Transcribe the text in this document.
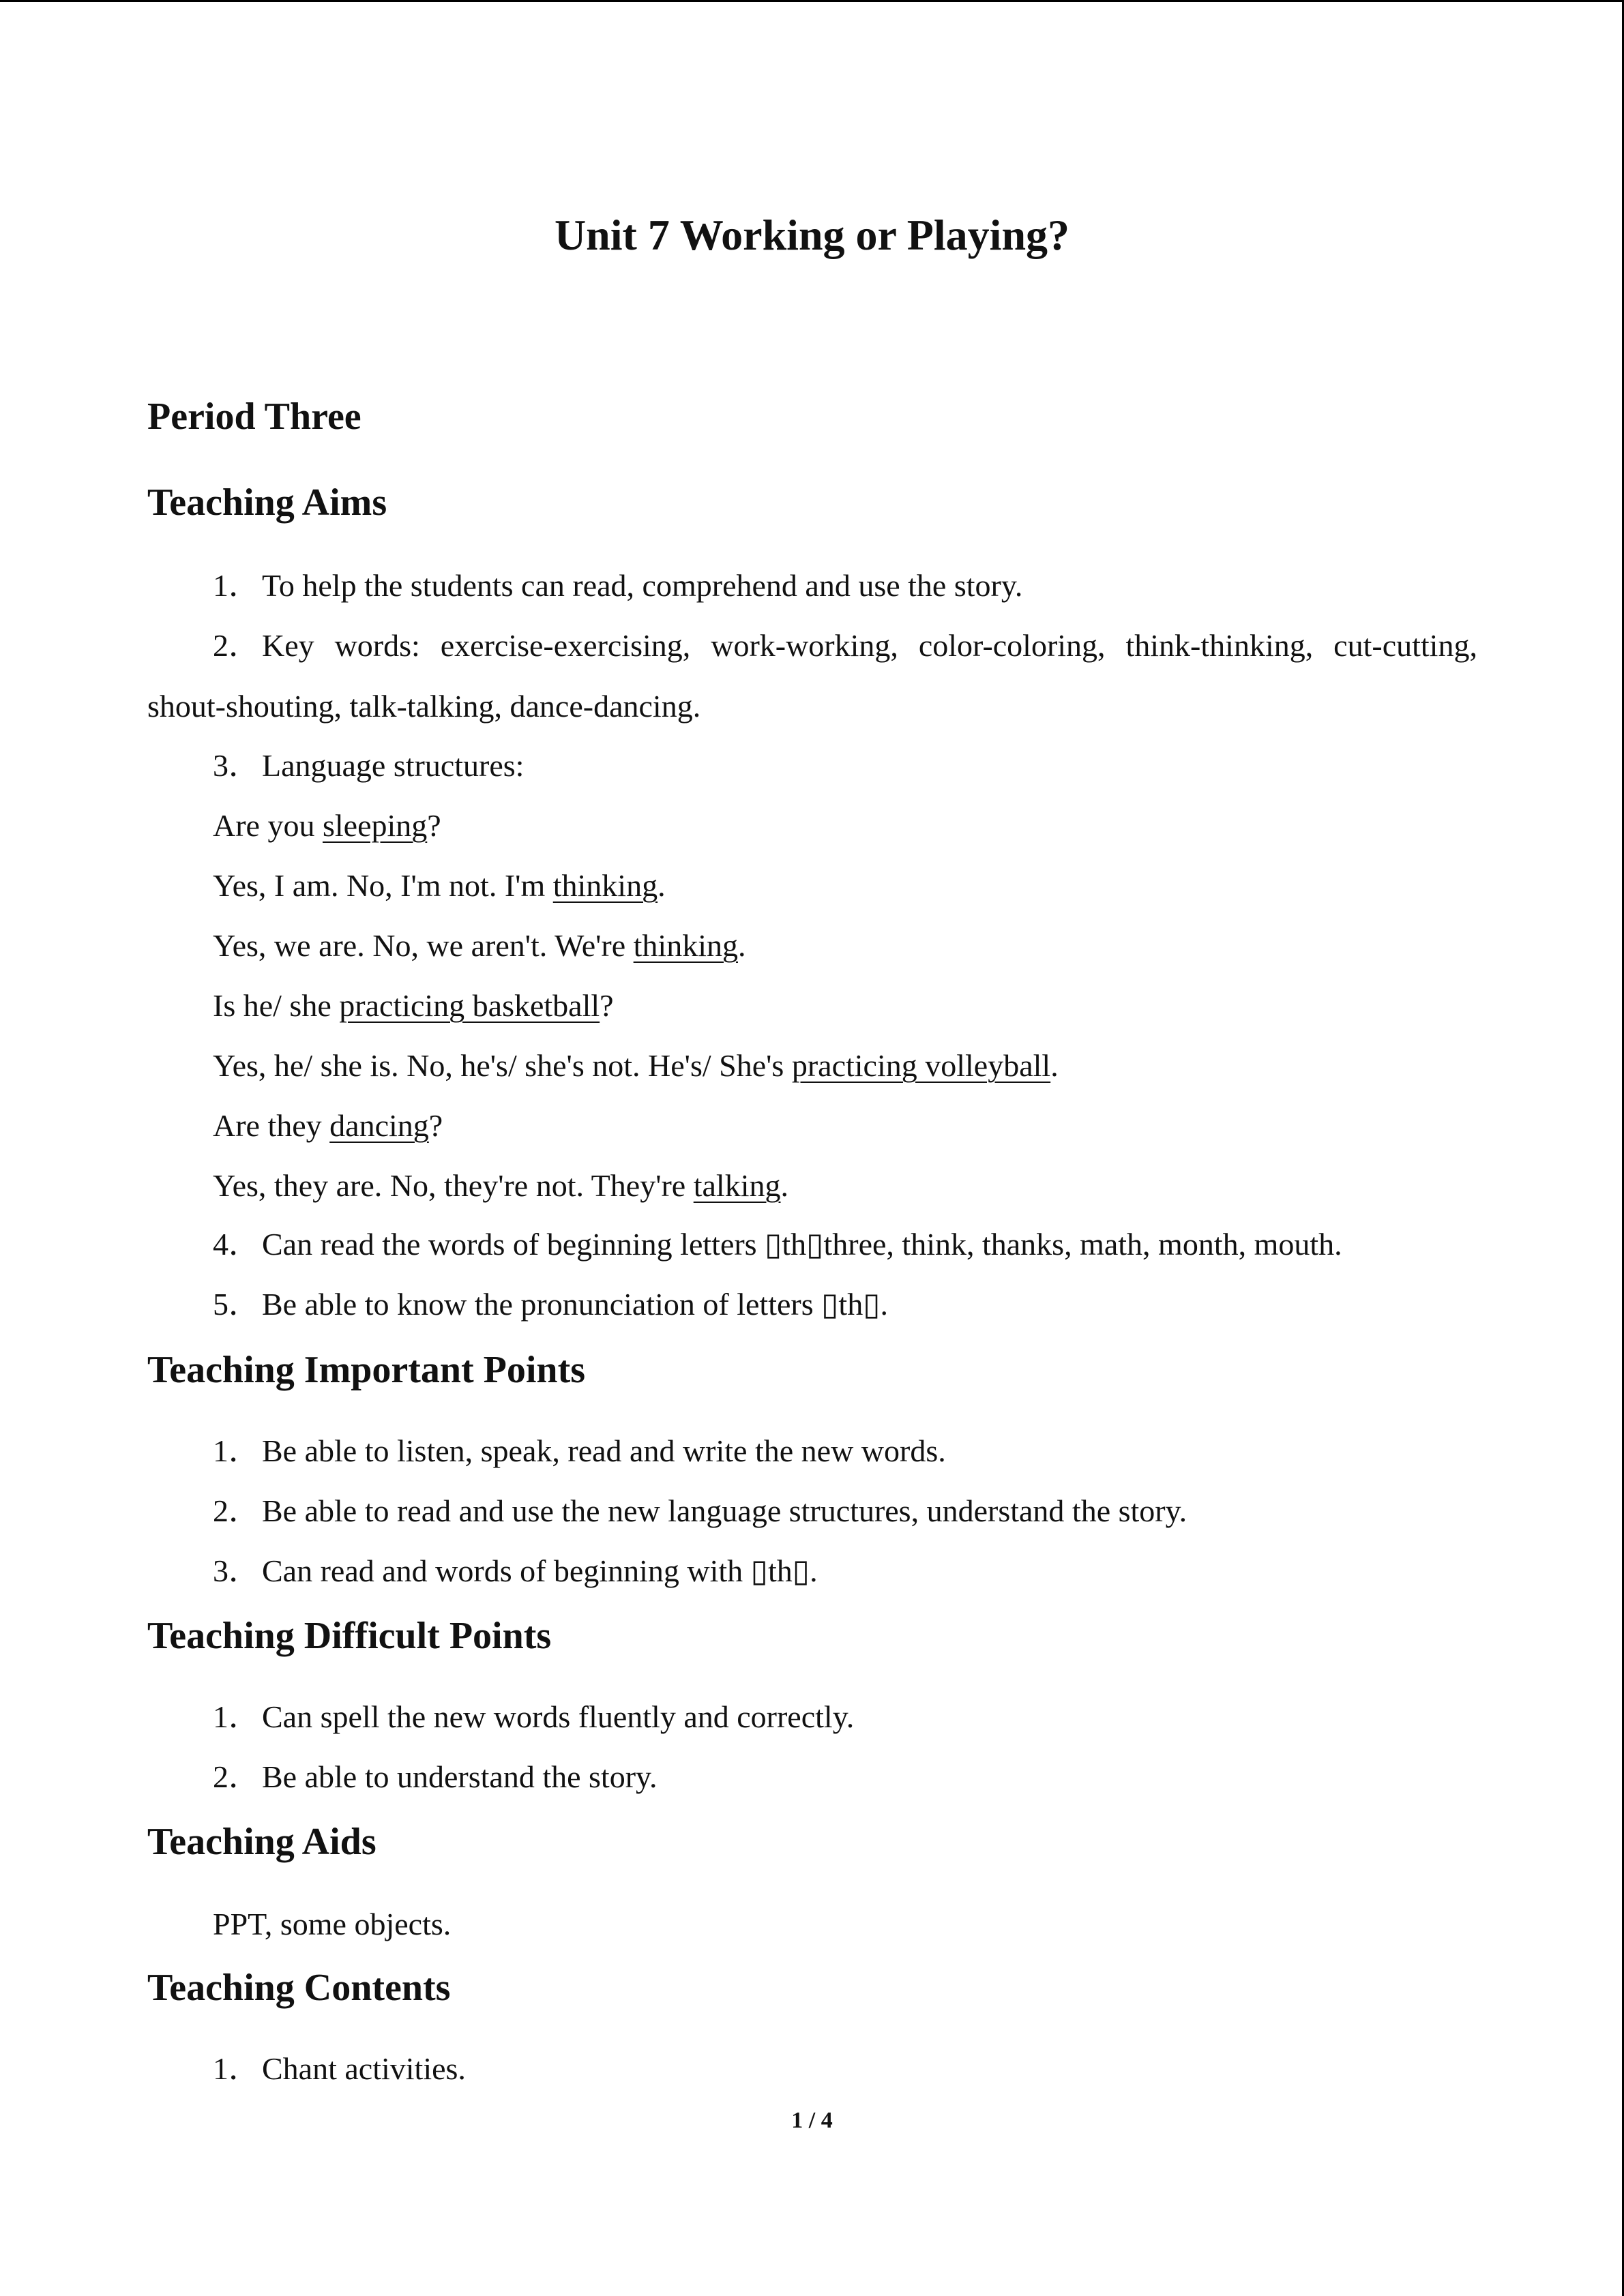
Unit 7 Working or Playing?
Period Three
Teaching Aims
1．To help the students can read, comprehend and use the story.
2．Key words: exercise-exercising, work-working, color-coloring, think-thinking, cut-cutting,
shout-shouting, talk-talking, dance-dancing.
3．Language structures:
Are you sleeping?
Yes, I am. No, I'm not. I'm thinking.
Yes, we are. No, we aren't. We're thinking.
Is he/ she practicing basketball?
Yes, he/ she is. No, he's/ she's not. He's/ She's practicing volleyball.
Are they dancing?
Yes, they are. No, they're not. They're talking.
4．Can read the words of beginning letters ▯th▯three, think, thanks, math, month, mouth.
5．Be able to know the pronunciation of letters ▯th▯.
Teaching Important Points
1．Be able to listen, speak, read and write the new words.
2．Be able to read and use the new language structures, understand the story.
3．Can read and words of beginning with ▯th▯.
Teaching Difficult Points
1．Can spell the new words fluently and correctly.
2．Be able to understand the story.
Teaching Aids
PPT, some objects.
Teaching Contents
1．Chant activities.
1 / 4
